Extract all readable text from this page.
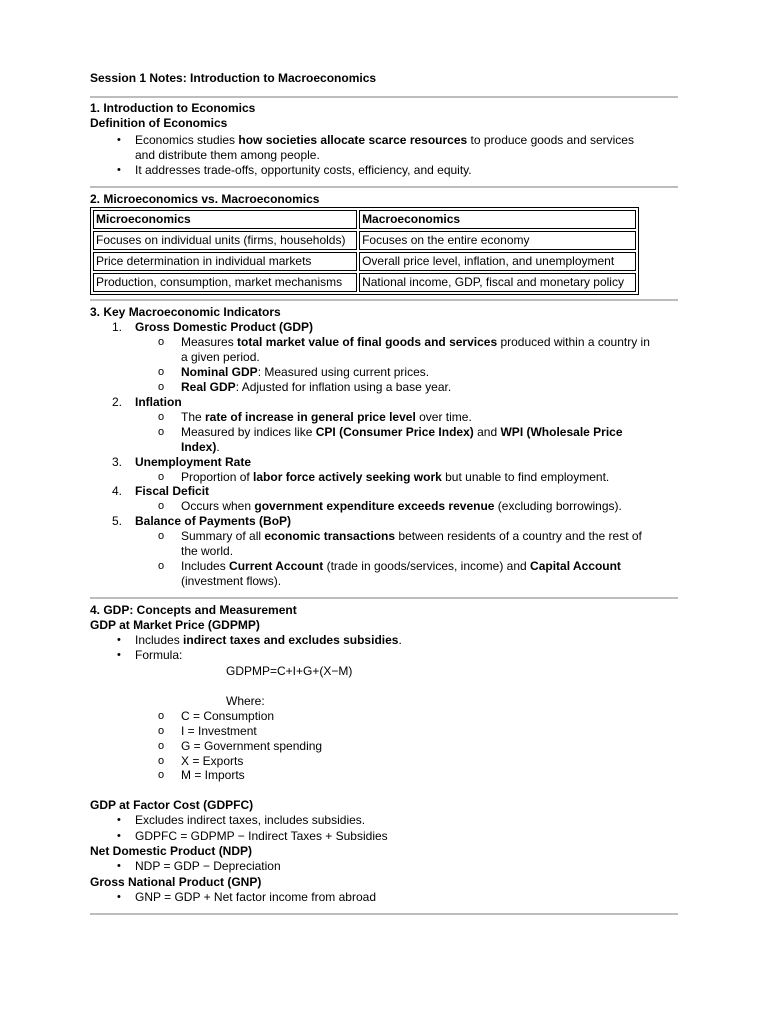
Session 1 Notes: Introduction to Macroeconomics
1. Introduction to Economics
Definition of Economics
• Economics studies how societies allocate scarce resources to produce goods and services
and distribute them among people.
• It addresses trade-offs, opportunity costs, efficiency, and equity.
2. Microeconomics vs. Macroeconomics
Microeconomics	Macroeconomics
Focuses on individual units (firms, households)	Focuses on the entire economy
Price determination in individual markets	Overall price level, inflation, and unemployment
Production, consumption, market mechanisms	National income, GDP, fiscal and monetary policy
3. Key Macroeconomic Indicators
1. Gross Domestic Product (GDP)
o Measures total market value of final goods and services produced within a country in
a given period.
o Nominal GDP: Measured using current prices.
o Real GDP: Adjusted for inflation using a base year.
2. Inflation
o The rate of increase in general price level over time.
o Measured by indices like CPI (Consumer Price Index) and WPI (Wholesale Price
Index).
3. Unemployment Rate
o Proportion of labor force actively seeking work but unable to find employment.
4. Fiscal Deficit
o Occurs when government expenditure exceeds revenue (excluding borrowings).
5. Balance of Payments (BoP)
o Summary of all economic transactions between residents of a country and the rest of
the world.
o Includes Current Account (trade in goods/services, income) and Capital Account
(investment flows).
4. GDP: Concepts and Measurement
GDP at Market Price (GDPMP)
• Includes indirect taxes and excludes subsidies.
• Formula:
GDPMP=C+I+G+(X−M)
Where:
o C = Consumption
o I = Investment
o G = Government spending
o X = Exports
o M = Imports
GDP at Factor Cost (GDPFC)
• Excludes indirect taxes, includes subsidies.
• GDPFC = GDPMP − Indirect Taxes + Subsidies
Net Domestic Product (NDP)
• NDP = GDP − Depreciation
Gross National Product (GNP)
• GNP = GDP + Net factor income from abroad
